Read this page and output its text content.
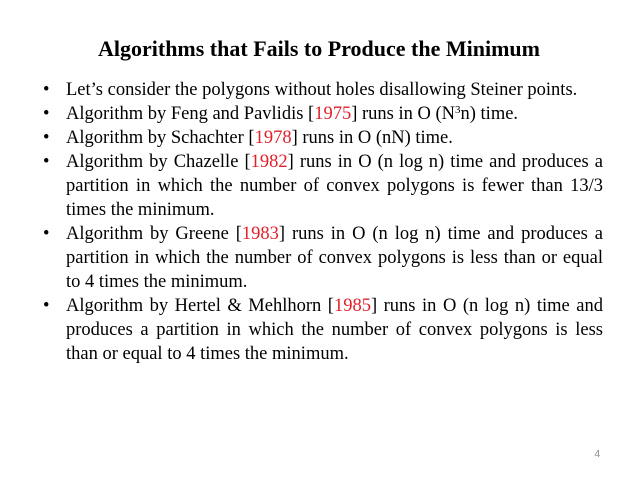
Algorithms that Fails to Produce the Minimum
• Let’s consider the polygons without holes disallowing Steiner points.
• Algorithm by Feng and Pavlidis [1975] runs in O $(N^3n)$ time.
• Algorithm by Schachter [1978] runs in O (nN) time.
• Algorithm by Chazelle [1982] runs in O (n log n) time and produces a partition in which the number of convex polygons is fewer than 13/3 times the minimum.
• Algorithm by Greene [1983] runs in O (n log n) time and produces a partition in which the number of convex polygons is less than or equal to 4 times the minimum.
• Algorithm by Hertel & Mehlhorn [1985] runs in O (n log n) time and produces a partition in which the number of convex polygons is less than or equal to 4 times the minimum.
4
